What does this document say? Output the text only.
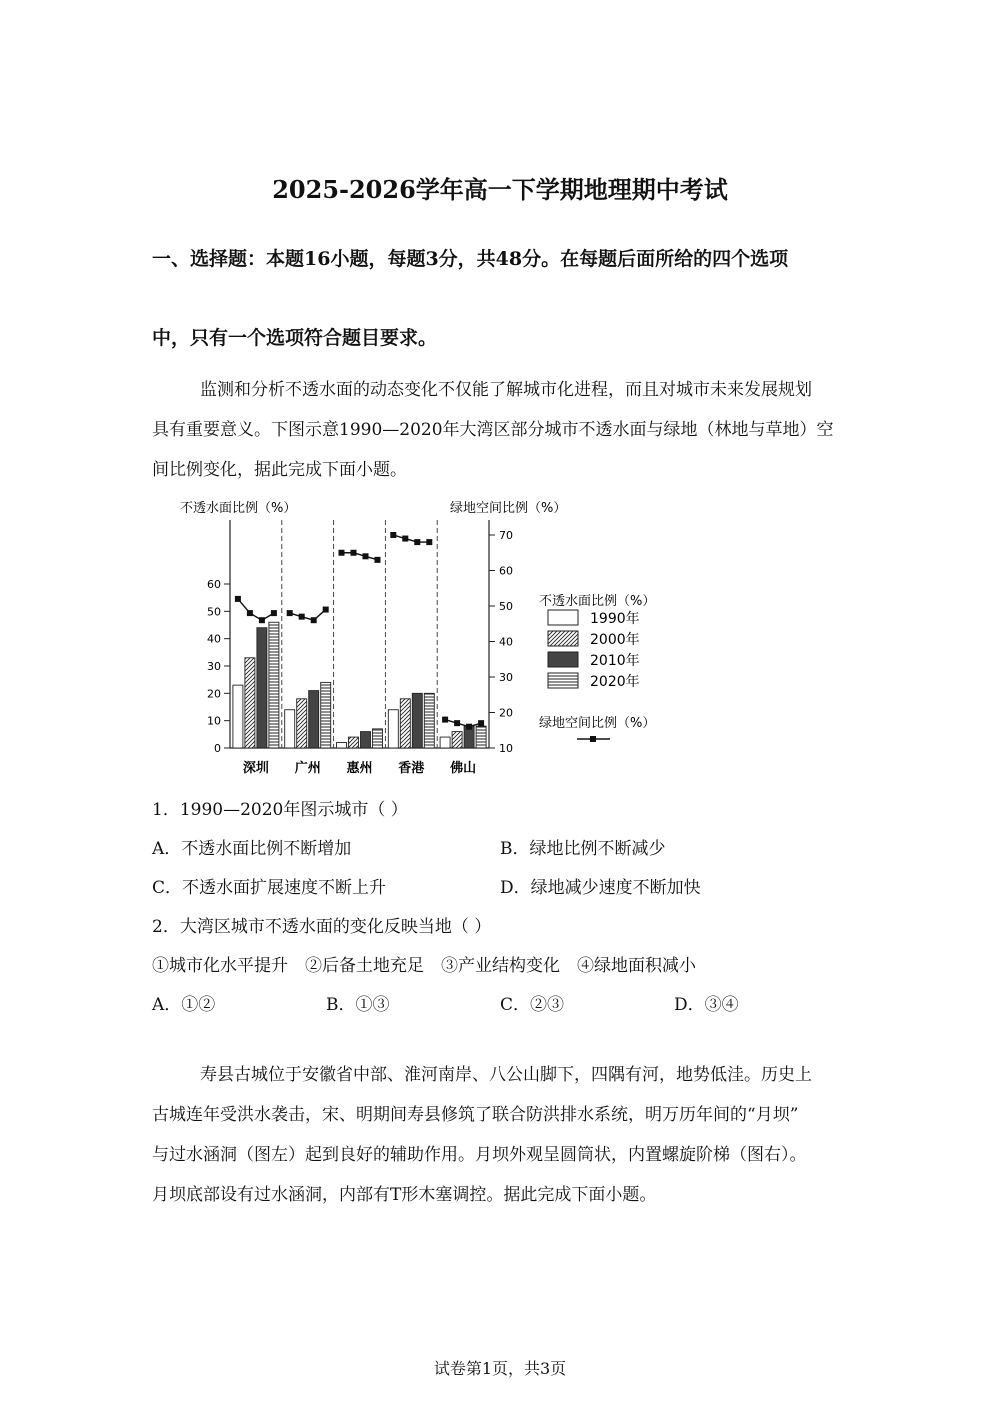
2025-2026学年高一下学期地理期中考试
一、选择题：本题16小题，每题3分，共48分。在每题后面所给的四个选项
中，只有一个选项符合题目要求。
监测和分析不透水面的动态变化不仅能了解城市化进程，而且对城市未来发展规划
具有重要意义。下图示意1990—2020年大湾区部分城市不透水面与绿地（林地与草地）空
间比例变化，据此完成下面小题。
不透水面比例（%）	绿地空间比例（%）
0
10
20
30
40
50
60
10
20
30
40
50
60
70
深圳 广州 惠州 香港 佛山
不透水面比例（%）
绿地空间比例（%）
1990年
2000年
2010年
2020年
1．1990—2020年图示城市（ ）
A．不透水面比例不断增加	B．绿地比例不断减少
C．不透水面扩展速度不断上升	D．绿地减少速度不断加快
2．大湾区城市不透水面的变化反映当地（ ）
①城市化水平提升　②后备土地充足　③产业结构变化　④绿地面积减小
A．①②	B．①③	C．②③	D．③④
寿县古城位于安徽省中部、淮河南岸、八公山脚下，四隅有河，地势低洼。历史上
古城连年受洪水袭击，宋、明期间寿县修筑了联合防洪排水系统，明万历年间的“月坝”
与过水涵洞（图左）起到良好的辅助作用。月坝外观呈圆筒状，内置螺旋阶梯（图右）。
月坝底部设有过水涵洞，内部有T形木塞调控。据此完成下面小题。
试卷第1页，共3页
